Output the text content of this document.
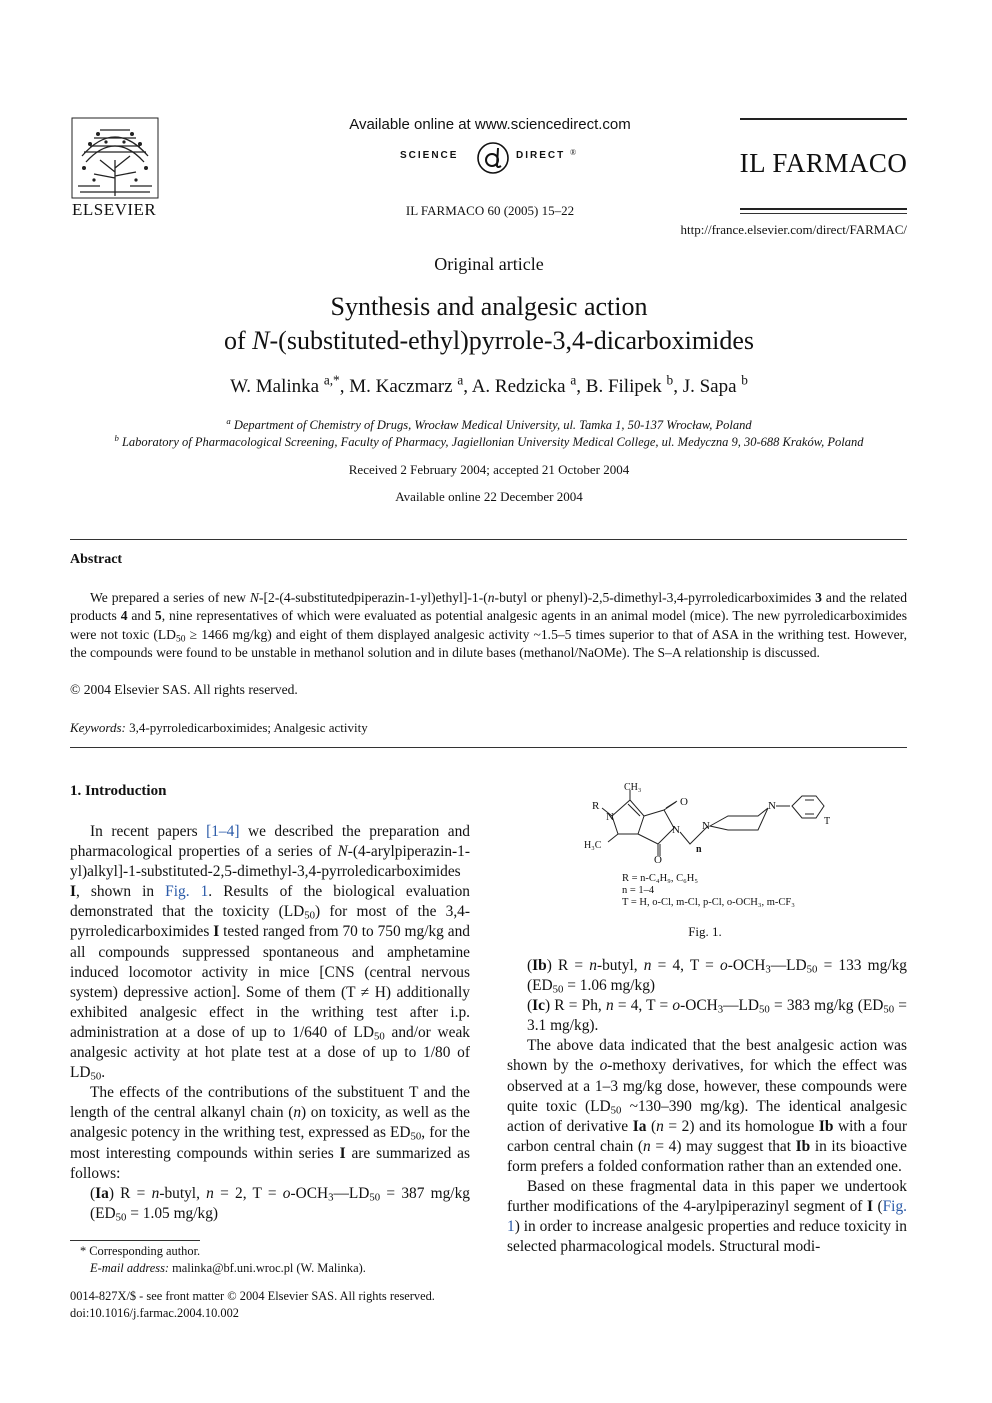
ELSEVIER
Available online at www.sciencedirect.com
SCIENCE	DIRECT ®
IL FARMACO 60 (2005) 15–22
IL FARMACO
http://france.elsevier.com/direct/FARMAC/
Original article
Synthesis and analgesic action
of N-(substituted-ethyl)pyrrole-3,4-dicarboximides
W. Malinka $^{a,*}$, M. Kaczmarz $^a$, A. Redzicka $^a$, B. Filipek $^b$, J. Sapa $^b$
$^a$ Department of Chemistry of Drugs, Wrocław Medical University, ul. Tamka 1, 50-137 Wrocław, Poland
$^b$ Laboratory of Pharmacological Screening, Faculty of Pharmacy, Jagiellonian University Medical College, ul. Medyczna 9, 30-688 Kraków, Poland
Received 2 February 2004; accepted 21 October 2004
Available online 22 December 2004
Abstract
We prepared a series of new N-[2-(4-substitutedpiperazin-1-yl)ethyl]-1-(n-butyl or phenyl)-2,5-dimethyl-3,4-pyrroledicarboximides 3 and the related products 4 and 5, nine representatives of which were evaluated as potential analgesic agents in an animal model (mice). The new pyrroledicarboximides were not toxic ($LD_{50} \ge 1466$ mg/kg) and eight of them displayed analgesic activity ~1.5–5 times superior to that of ASA in the writhing test. However, the compounds were found to be unstable in methanol solution and in dilute bases (methanol/NaOMe). The S–A relationship is discussed.
© 2004 Elsevier SAS. All rights reserved.
Keywords: 3,4-pyrroledicarboximides; Analgesic activity
1. Introduction

In recent papers [1–4] we described the preparation and pharmacological properties of a series of N-(4-arylpiperazin-1-yl)alkyl]-1-substituted-2,5-dimethyl-3,4-pyrroledicarboximides I, shown in Fig. 1. Results of the biological evaluation demonstrated that the toxicity $(LD_{50})$ for most of the 3,4-pyrroledicarboximides I tested ranged from 70 to 750 mg/kg and all compounds suppressed spontaneous and amphetamine induced locomotor activity in mice [CNS (central nervous system) depressive action]. Some of them (T ≠ H) additionally exhibited analgesic effect in the writhing test after i.p. administration at a dose of up to 1/640 of $LD_{50}$ and/or weak analgesic activity at hot plate test at a dose of up to 1/80 of $LD_{50}$.

The effects of the contributions of the substituent T and the length of the central alkanyl chain (n) on toxicity, as well as the analgesic potency in the writhing test, expressed as $ED_{50}$, for the most interesting compounds within series I are summarized as follows:

(Ia) R = n-butyl, n = 2, $T = o-OCH_3—LD_{50} = 387$ mg/kg ($ED_{50} = 1.05$ mg/kg)

* Corresponding author.
E-mail address: malinka@bf.uni.wroc.pl (W. Malinka).
0014-827X/$ - see front matter © 2004 Elsevier SAS. All rights reserved.
doi:10.1016/j.farmac.2004.10.002
CH₃
R
N
H₃C
O
O
N N
N
n
T
R = n-C₄H₉, C₆H₅
n = 1–4
T = H, o-Cl, m-Cl, p-Cl, o-OCH₃, m-CF₃
Fig. 1.

(Ib) R = n-butyl, n = 4, $T = o-OCH_3—LD_{50} = 133$ mg/kg ($ED_{50} = 1.06$ mg/kg)

(Ic) R = Ph, n = 4, $T = o-OCH_3—LD_{50} = 383$ mg/kg ($ED_{50} = 3.1$ mg/kg).

The above data indicated that the best analgesic action was shown by the o-methoxy derivatives, for which the effect was observed at a 1–3 mg/kg dose, however, these compounds were quite toxic ($LD_{50}$ ~130–390 mg/kg). The identical analgesic action of derivative Ia (n = 2) and its homologue Ib with a four carbon central chain (n = 4) may suggest that Ib in its bioactive form prefers a folded conformation rather than an extended one.

Based on these fragmental data in this paper we undertook further modifications of the 4-arylpiperazinyl segment of I (Fig. 1) in order to increase analgesic properties and reduce toxicity in selected pharmacological models. Structural modi-
